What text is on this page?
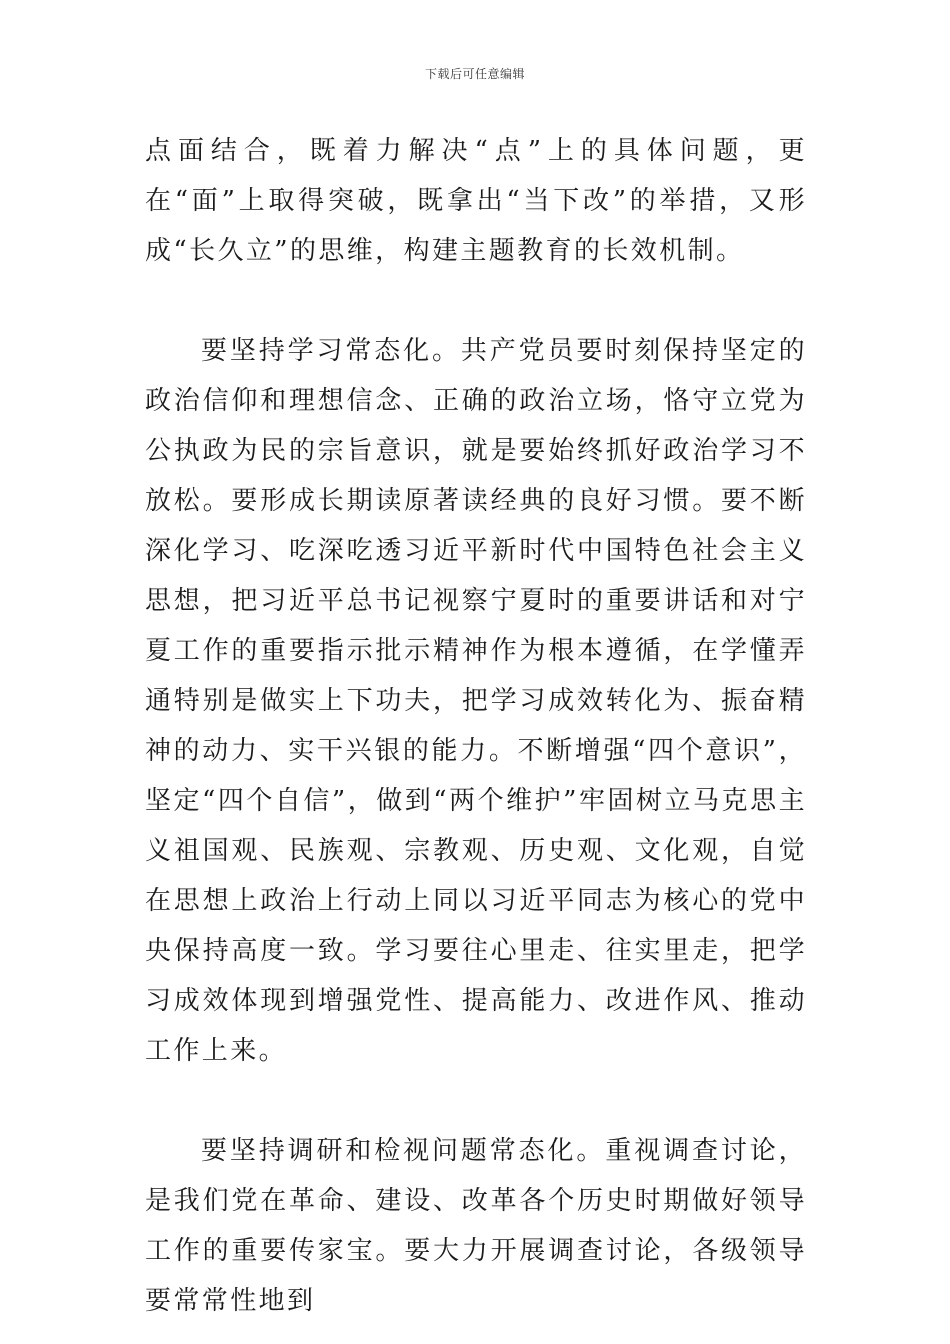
下载后可任意编辑

点面结合，既着力解决“点”上的具体问题，更在“面”上取得突破，既拿出“当下改”的举措，又形成“长久立”的思维，构建主题教育的长效机制。

要坚持学习常态化。共产党员要时刻保持坚定的政治信仰和理想信念、正确的政治立场，恪守立党为公执政为民的宗旨意识，就是要始终抓好政治学习不放松。要形成长期读原著读经典的良好习惯。要不断深化学习、吃深吃透习近平新时代中国特色社会主义思想，把习近平总书记视察宁夏时的重要讲话和对宁夏工作的重要指示批示精神作为根本遵循，在学懂弄通特别是做实上下功夫，把学习成效转化为、振奋精神的动力、实干兴银的能力。不断增强“四个意识”，坚定“四个自信”，做到“两个维护”牢固树立马克思主义祖国观、民族观、宗教观、历史观、文化观，自觉在思想上政治上行动上同以习近平同志为核心的党中央保持高度一致。学习要往心里走、往实里走，把学习成效体现到增强党性、提高能力、改进作风、推动工作上来。

要坚持调研和检视问题常态化。重视调查讨论，是我们党在革命、建设、改革各个历史时期做好领导工作的重要传家宝。要大力开展调查讨论，各级领导要常常性地到
